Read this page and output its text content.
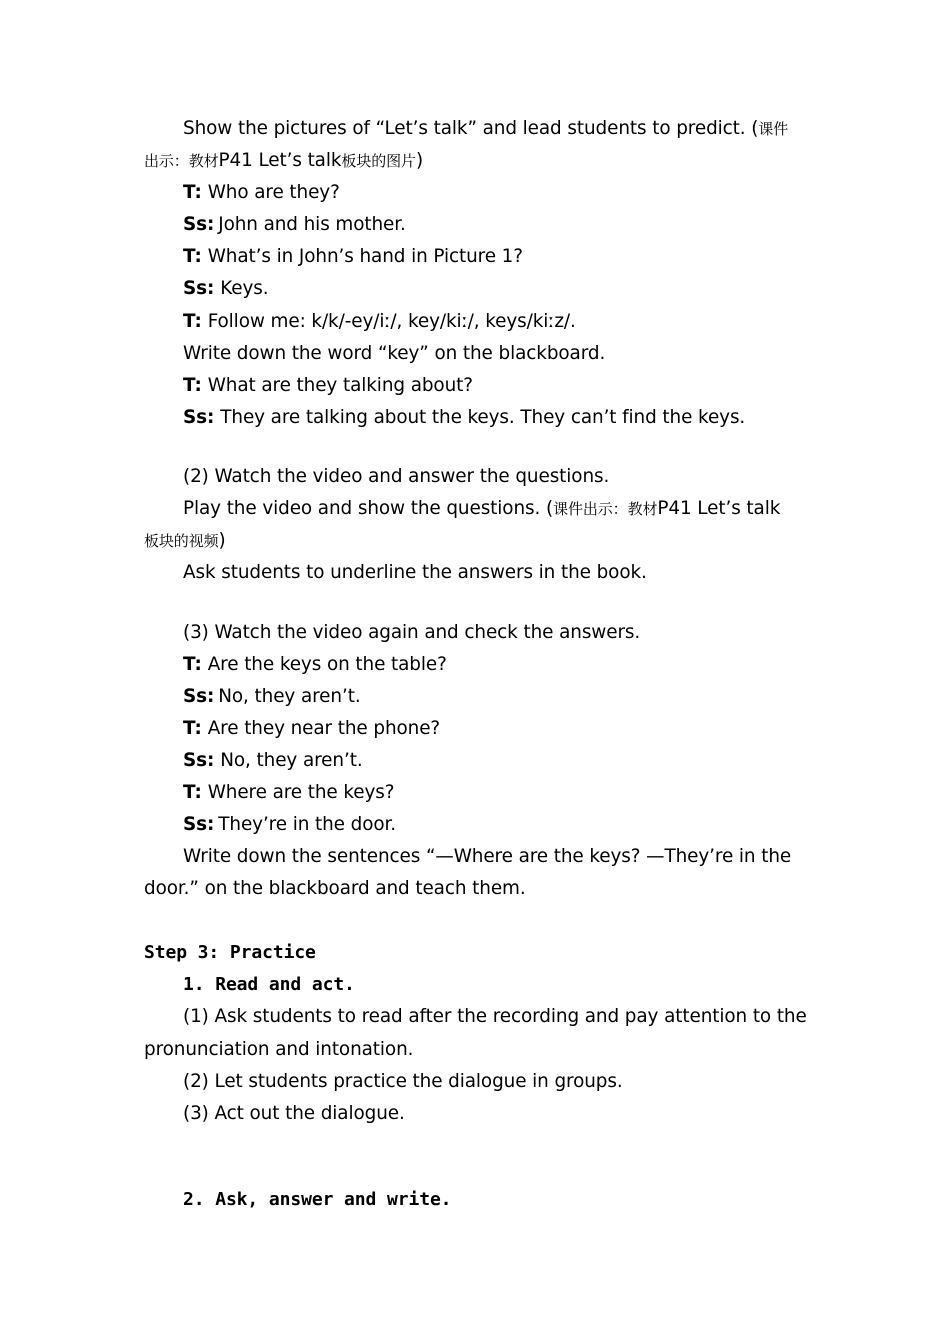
Show the pictures of “Let’s talk” and lead students to predict. (课件
出示：教材P41 Let’s talk板块的图片)
T: Who are they?
Ss: John and his mother.
T: What’s in John’s hand in Picture 1?
Ss: Keys.
T: Follow me: k/k/-ey/iː/, key/kiː/, keys/kiːz/.
Write down the word “key” on the blackboard.
T: What are they talking about?
Ss: They are talking about the keys. They can’t find the keys.
(2) Watch the video and answer the questions.
Play the video and show the questions. (课件出示：教材P41 Let’s talk
板块的视频)
Ask students to underline the answers in the book.
(3) Watch the video again and check the answers.
T: Are the keys on the table?
Ss: No, they aren’t.
T: Are they near the phone?
Ss: No, they aren’t.
T: Where are the keys?
Ss: They’re in the door.
Write down the sentences “—Where are the keys? —They’re in the
door.” on the blackboard and teach them.
Step 3: Practice
1. Read and act.
(1) Ask students to read after the recording and pay attention to the
pronunciation and intonation.
(2) Let students practice the dialogue in groups.
(3) Act out the dialogue.
2. Ask, answer and write.
